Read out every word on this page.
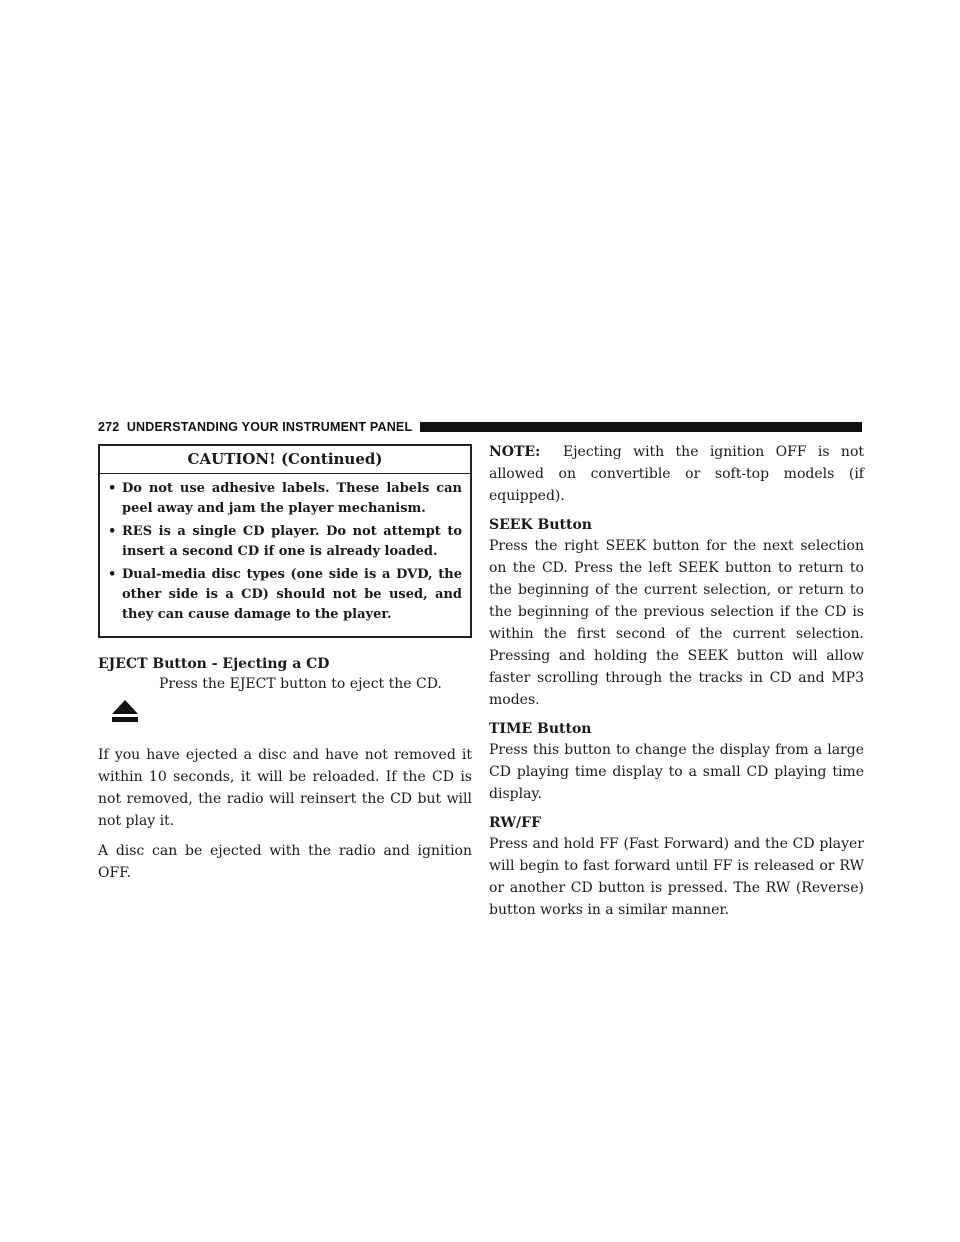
272 UNDERSTANDING YOUR INSTRUMENT PANEL
CAUTION! (Continued)
• Do not use adhesive labels. These labels can peel away and jam the player mechanism.
• RES is a single CD player. Do not attempt to insert a second CD if one is already loaded.
• Dual-media disc types (one side is a DVD, the other side is a CD) should not be used, and they can cause damage to the player.
EJECT Button - Ejecting a CD
Press the EJECT button to eject the CD.

If you have ejected a disc and have not removed it within 10 seconds, it will be reloaded. If the CD is not removed, the radio will reinsert the CD but will not play it.

A disc can be ejected with the radio and ignition OFF.

NOTE: Ejecting with the ignition OFF is not allowed on convertible or soft-top models (if equipped).

SEEK Button

Press the right SEEK button for the next selection on the CD. Press the left SEEK button to return to the beginning of the current selection, or return to the beginning of the previous selection if the CD is within the first second of the current selection. Pressing and holding the SEEK button will allow faster scrolling through the tracks in CD and MP3 modes.

TIME Button

Press this button to change the display from a large CD playing time display to a small CD playing time display.

RW/FF

Press and hold FF (Fast Forward) and the CD player will begin to fast forward until FF is released or RW or another CD button is pressed. The RW (Reverse) button works in a similar manner.
